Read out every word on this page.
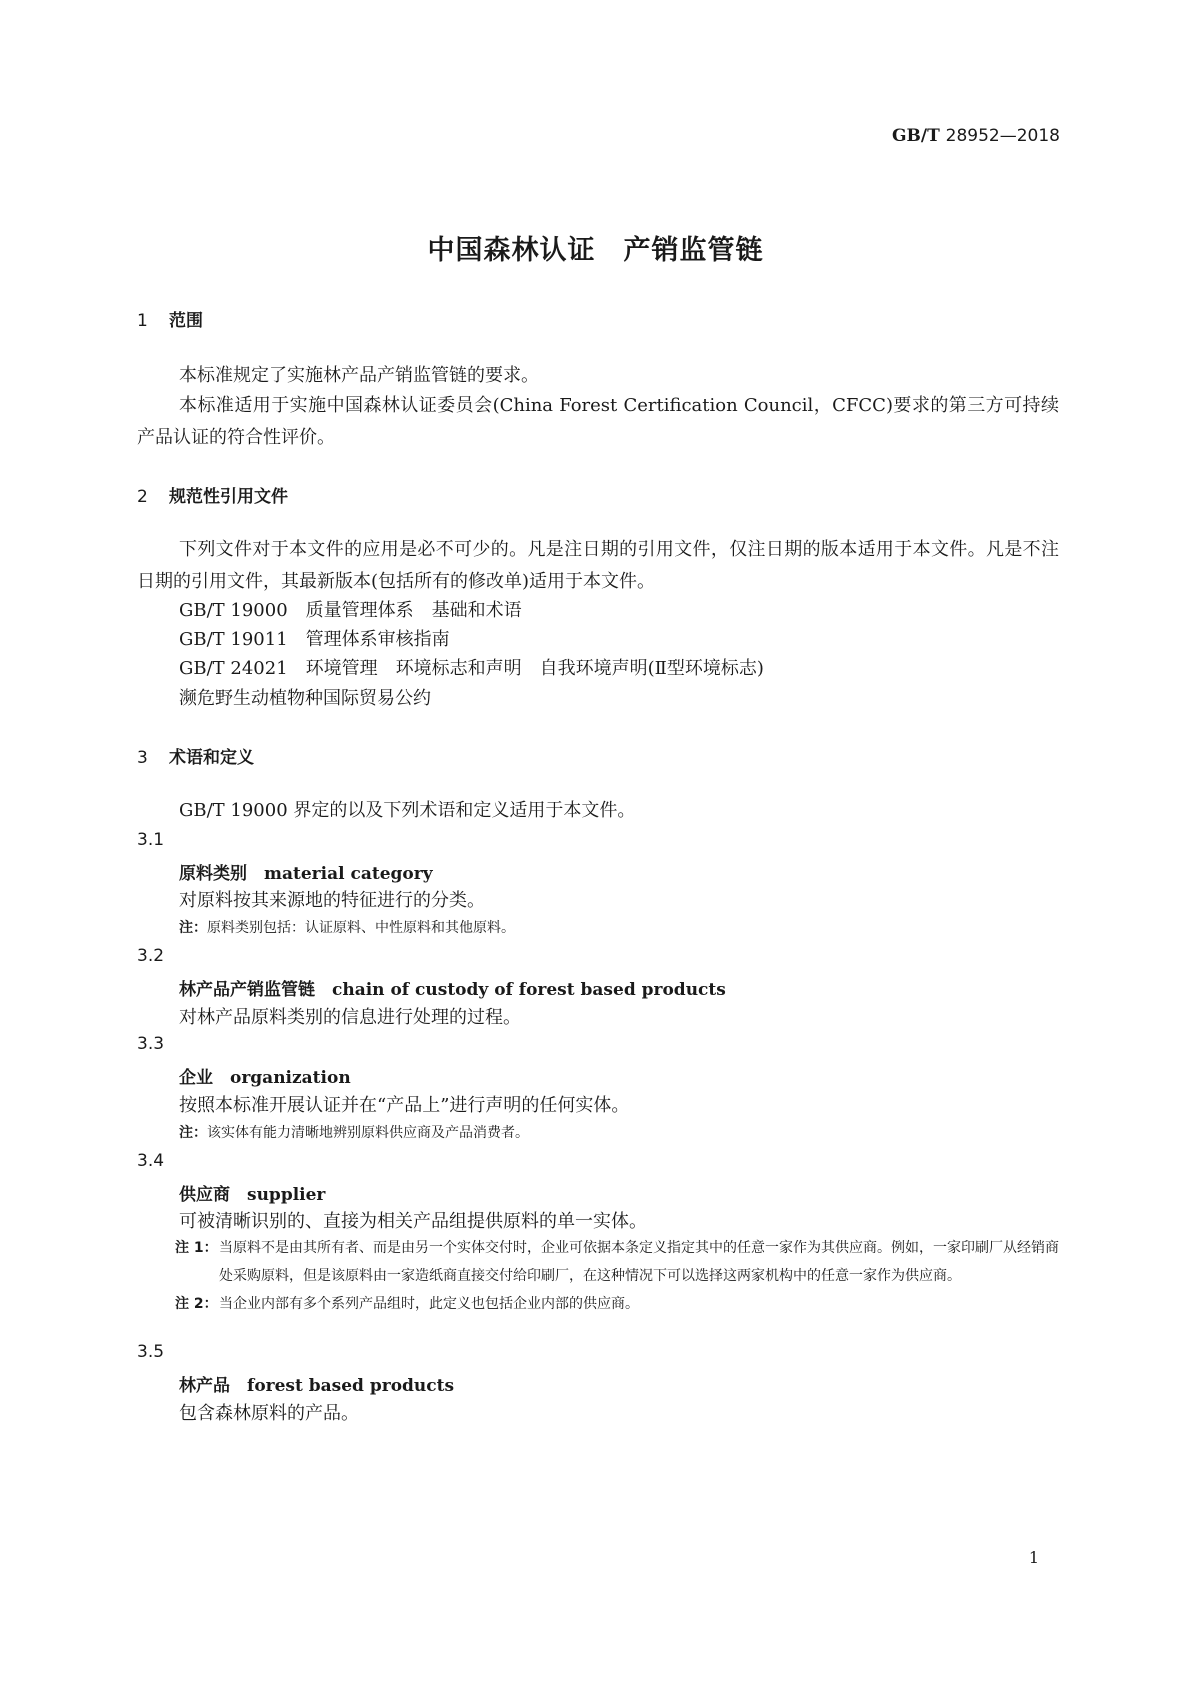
GB/T 28952—2018
中国森林认证　产销监管链
1 范围
本标准规定了实施林产品产销监管链的要求。
本标准适用于实施中国森林认证委员会(China Forest Certification Council，CFCC)要求的第三方可持续产品认证的符合性评价。
2 规范性引用文件
下列文件对于本文件的应用是必不可少的。凡是注日期的引用文件，仅注日期的版本适用于本文件。凡是不注日期的引用文件，其最新版本(包括所有的修改单)适用于本文件。
GB/T 19000　质量管理体系　基础和术语
GB/T 19011　管理体系审核指南
GB/T 24021　环境管理　环境标志和声明　自我环境声明(Ⅱ型环境标志)
濒危野生动植物种国际贸易公约
3 术语和定义
GB/T 19000 界定的以及下列术语和定义适用于本文件。
3.1
原料类别　 material category
对原料按其来源地的特征进行的分类。
注：原料类别包括：认证原料、中性原料和其他原料。
3.2
林产品产销监管链　 chain of custody of forest based products
对林产品原料类别的信息进行处理的过程。
3.3
企业　 organization
按照本标准开展认证并在“产品上”进行声明的任何实体。
注：该实体有能力清晰地辨别原料供应商及产品消费者。
3.4
供应商　 supplier
可被清晰识别的、直接为相关产品组提供原料的单一实体。
注 1： 当原料不是由其所有者、而是由另一个实体交付时，企业可依据本条定义指定其中的任意一家作为其供应商。例如，一家印刷厂从经销商处采购原料，但是该原料由一家造纸商直接交付给印刷厂，在这种情况下可以选择这两家机构中的任意一家作为供应商。
注 2： 当企业内部有多个系列产品组时，此定义也包括企业内部的供应商。
3.5
林产品　 forest based products
包含森林原料的产品。
1
